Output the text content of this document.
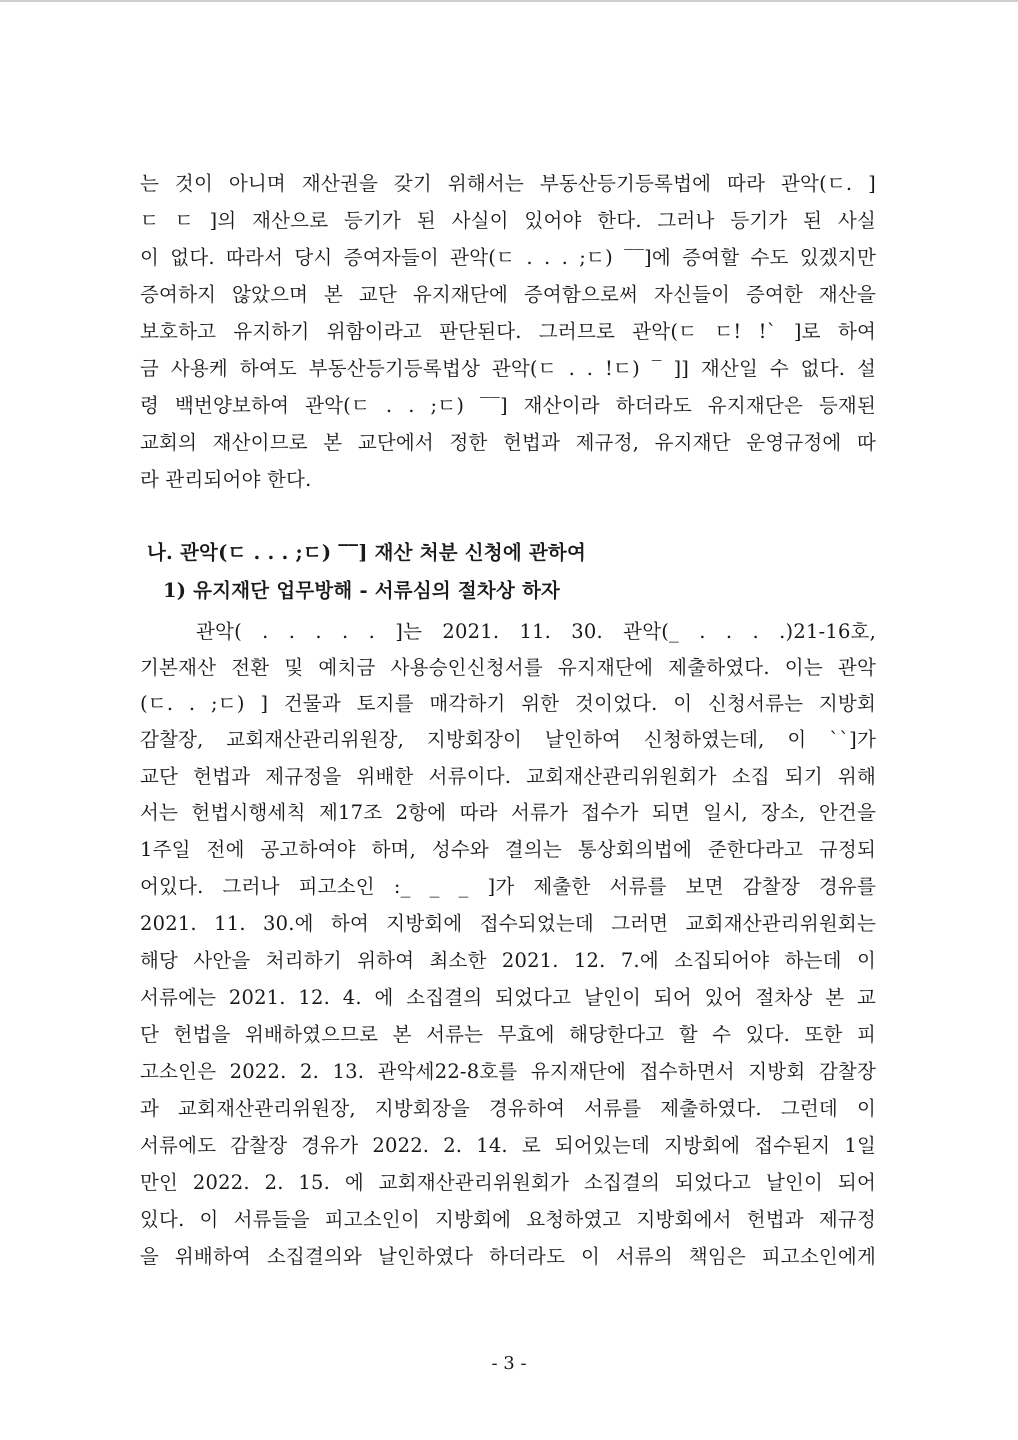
는 것이 아니며 재산권을 갖기 위해서는 부동산등기등록법에 따라 관악(ㄷ. ]
ㄷ ㄷ ]의 재산으로 등기가 된 사실이 있어야 한다. 그러나 등기가 된 사실
이 없다. 따라서 당시 증여자들이 관악(ㄷ . . . ;ㄷ) ‾‾]에 증여할 수도 있겠지만
증여하지 않았으며 본 교단 유지재단에 증여함으로써 자신들이 증여한 재산을
보호하고 유지하기 위함이라고 판단된다. 그러므로 관악(ㄷ ㄷ! !` ]로 하여
금 사용케 하여도 부동산등기등록법상 관악(ㄷ . . !ㄷ) ‾ ]] 재산일 수 없다. 설
령 백번양보하여 관악(ㄷ . . ;ㄷ) ‾‾] 재산이라 하더라도 유지재단은 등재된
교회의 재산이므로 본 교단에서 정한 헌법과 제규정, 유지재단 운영규정에 따
라 관리되어야 한다.
나. 관악(ㄷ . . . ;ㄷ) ‾‾] 재산 처분 신청에 관하여
1) 유지재단 업무방해 - 서류심의 절차상 하자
관악( . . . . . ]는 2021. 11. 30. 관악(_ . . . .)21-16호,
기본재산 전환 및 예치금 사용승인신청서를 유지재단에 제출하였다. 이는 관악
(ㄷ. . ;ㄷ) ] 건물과 토지를 매각하기 위한 것이었다. 이 신청서류는 지방회
감찰장, 교회재산관리위원장, 지방회장이 날인하여 신청하였는데, 이 ``]가
교단 헌법과 제규정을 위배한 서류이다. 교회재산관리위원회가 소집 되기 위해
서는 헌법시행세칙 제17조 2항에 따라 서류가 접수가 되면 일시, 장소, 안건을
1주일 전에 공고하여야 하며, 성수와 결의는 통상회의법에 준한다라고 규정되
어있다. 그러나 피고소인 :_ _ _ ]가 제출한 서류를 보면 감찰장 경유를
2021. 11. 30.에 하여 지방회에 접수되었는데 그러면 교회재산관리위원회는
해당 사안을 처리하기 위하여 최소한 2021. 12. 7.에 소집되어야 하는데 이
서류에는 2021. 12. 4. 에 소집결의 되었다고 날인이 되어 있어 절차상 본 교
단 헌법을 위배하였으므로 본 서류는 무효에 해당한다고 할 수 있다. 또한 피
고소인은 2022. 2. 13. 관악세22-8호를 유지재단에 접수하면서 지방회 감찰장
과 교회재산관리위원장, 지방회장을 경유하여 서류를 제출하였다. 그런데 이
서류에도 감찰장 경유가 2022. 2. 14. 로 되어있는데 지방회에 접수된지 1일
만인 2022. 2. 15. 에 교회재산관리위원회가 소집결의 되었다고 날인이 되어
있다. 이 서류들을 피고소인이 지방회에 요청하였고 지방회에서 헌법과 제규정
을 위배하여 소집결의와 날인하였다 하더라도 이 서류의 책임은 피고소인에게
- 3 -
